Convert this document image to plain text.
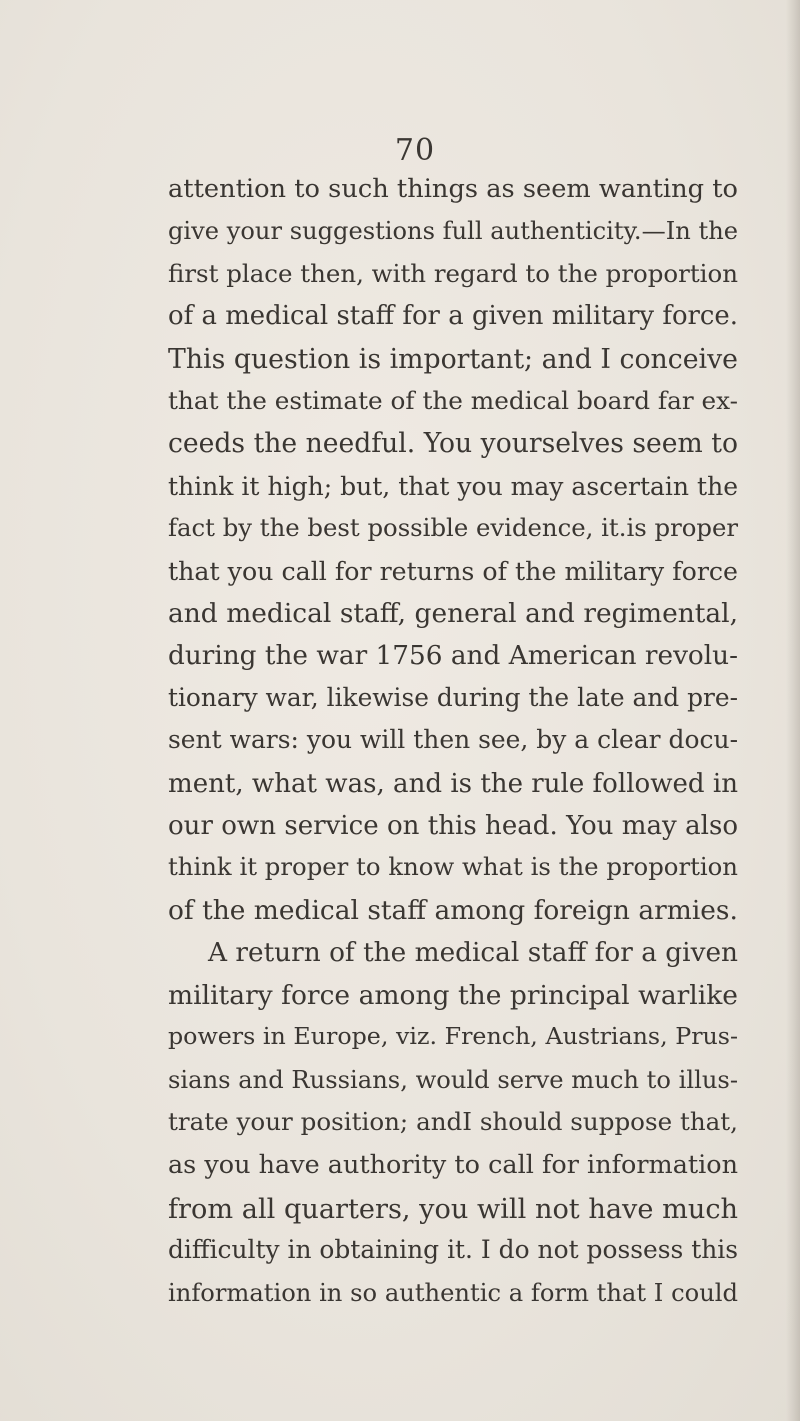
70
attention to such things as seem wanting to
give your suggestions full authenticity.—In the
first place then, with regard to the proportion
of a medical staff for a given military force.
This question is important; and I conceive
that the estimate of the medical board far ex-
ceeds the needful. You yourselves seem to
think it high; but, that you may ascertain the
fact by the best possible evidence, it.is proper
that you call for returns of the military force
and medical staff, general and regimental,
during the war 1756 and American revolu-
tionary war, likewise during the late and pre-
sent wars: you will then see, by a clear docu-
ment, what was, and is the rule followed in
our own service on this head. You may also
think it proper to know what is the proportion
of the medical staff among foreign armies.
A return of the medical staff for a given
military force among the principal warlike
powers in Europe, viz. French, Austrians, Prus-
sians and Russians, would serve much to illus-
trate your position; andI should suppose that,
as you have authority to call for information
from all quarters, you will not have much
difficulty in obtaining it. I do not possess this
information in so authentic a form that I could
